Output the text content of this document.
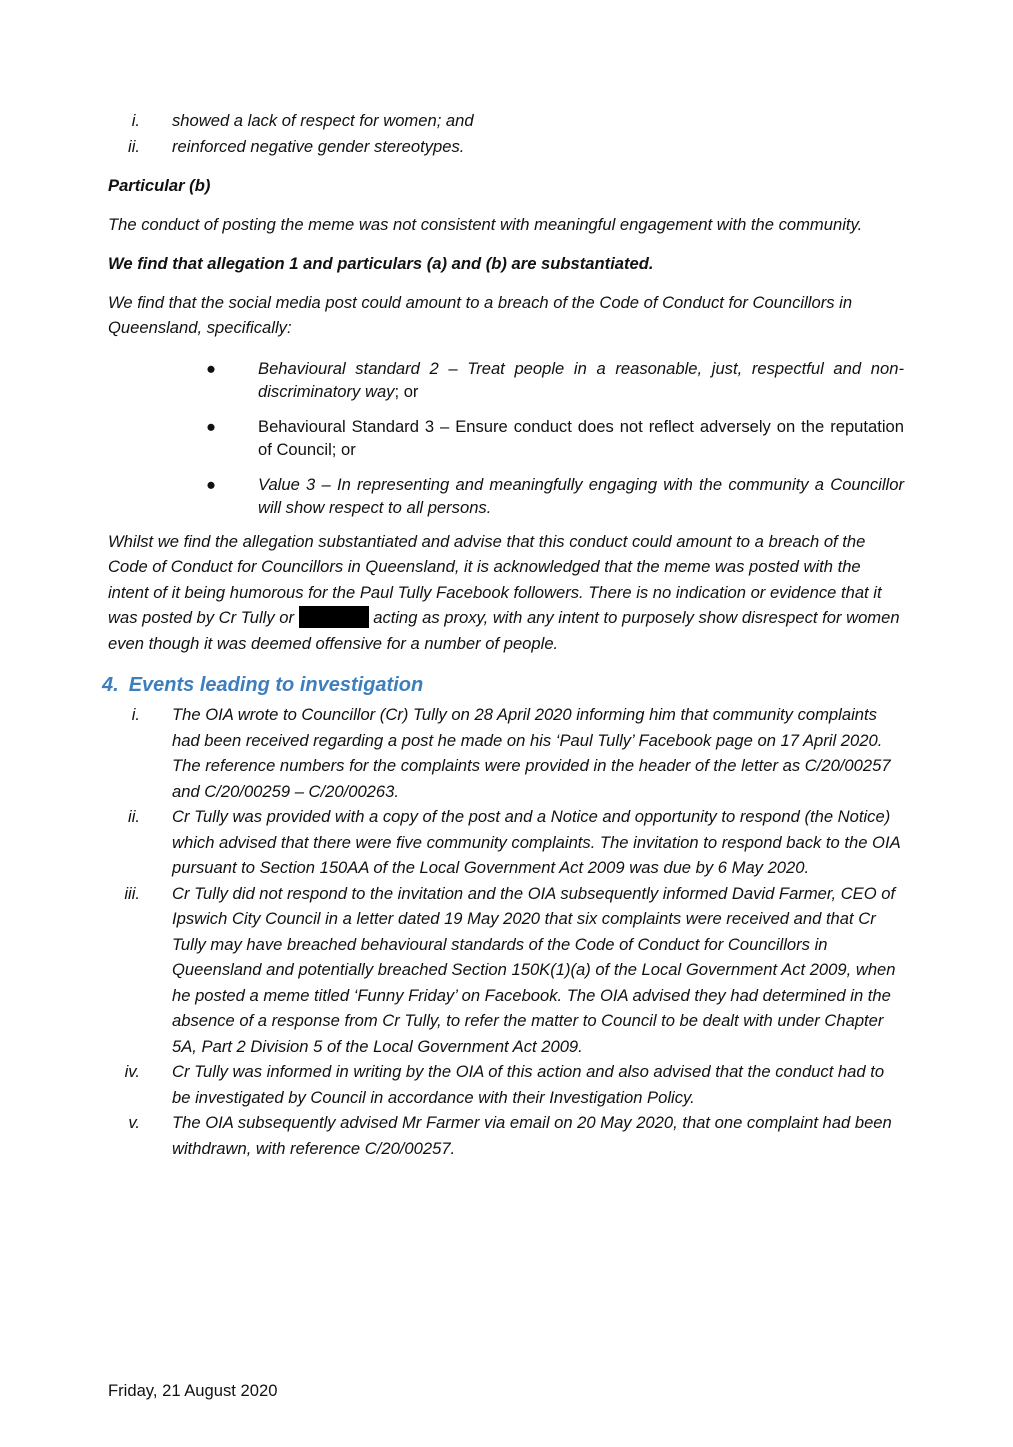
i. showed a lack of respect for women; and
ii. reinforced negative gender stereotypes.

Particular (b)

The conduct of posting the meme was not consistent with meaningful engagement with the community.

We find that allegation 1 and particulars (a) and (b) are substantiated.

We find that the social media post could amount to a breach of the Code of Conduct for Councillors in Queensland, specifically:

●	Behavioural standard 2 – Treat people in a reasonable, just, respectful and non-discriminatory way; or
●	Behavioural Standard 3 – Ensure conduct does not reflect adversely on the reputation of Council; or
●	Value 3 – In representing and meaningfully engaging with the community a Councillor will show respect to all persons.

Whilst we find the allegation substantiated and advise that this conduct could amount to a breach of the Code of Conduct for Councillors in Queensland, it is acknowledged that the meme was posted with the intent of it being humorous for the Paul Tully Facebook followers. There is no indication or evidence that it was posted by Cr Tully or	acting as proxy, with any intent to purposely show disrespect for women even though it was deemed offensive for a number of people.

4. Events leading to investigation
i. The OIA wrote to Councillor (Cr) Tully on 28 April 2020 informing him that community complaints had been received regarding a post he made on his ‘Paul Tully’ Facebook page on 17 April 2020. The reference numbers for the complaints were provided in the header of the letter as C/20/00257 and C/20/00259 – C/20/00263.
ii. Cr Tully was provided with a copy of the post and a Notice and opportunity to respond (the Notice) which advised that there were five community complaints. The invitation to respond back to the OIA pursuant to Section 150AA of the Local Government Act 2009 was due by 6 May 2020.
iii. Cr Tully did not respond to the invitation and the OIA subsequently informed David Farmer, CEO of Ipswich City Council in a letter dated 19 May 2020 that six complaints were received and that Cr Tully may have breached behavioural standards of the Code of Conduct for Councillors in Queensland and potentially breached Section 150K(1)(a) of the Local Government Act 2009, when he posted a meme titled ‘Funny Friday’ on Facebook. The OIA advised they had determined in the absence of a response from Cr Tully, to refer the matter to Council to be dealt with under Chapter 5A, Part 2 Division 5 of the Local Government Act 2009.
iv. Cr Tully was informed in writing by the OIA of this action and also advised that the conduct had to be investigated by Council in accordance with their Investigation Policy.
v. The OIA subsequently advised Mr Farmer via email on 20 May 2020, that one complaint had been withdrawn, with reference C/20/00257.
Friday, 21 August 2020
